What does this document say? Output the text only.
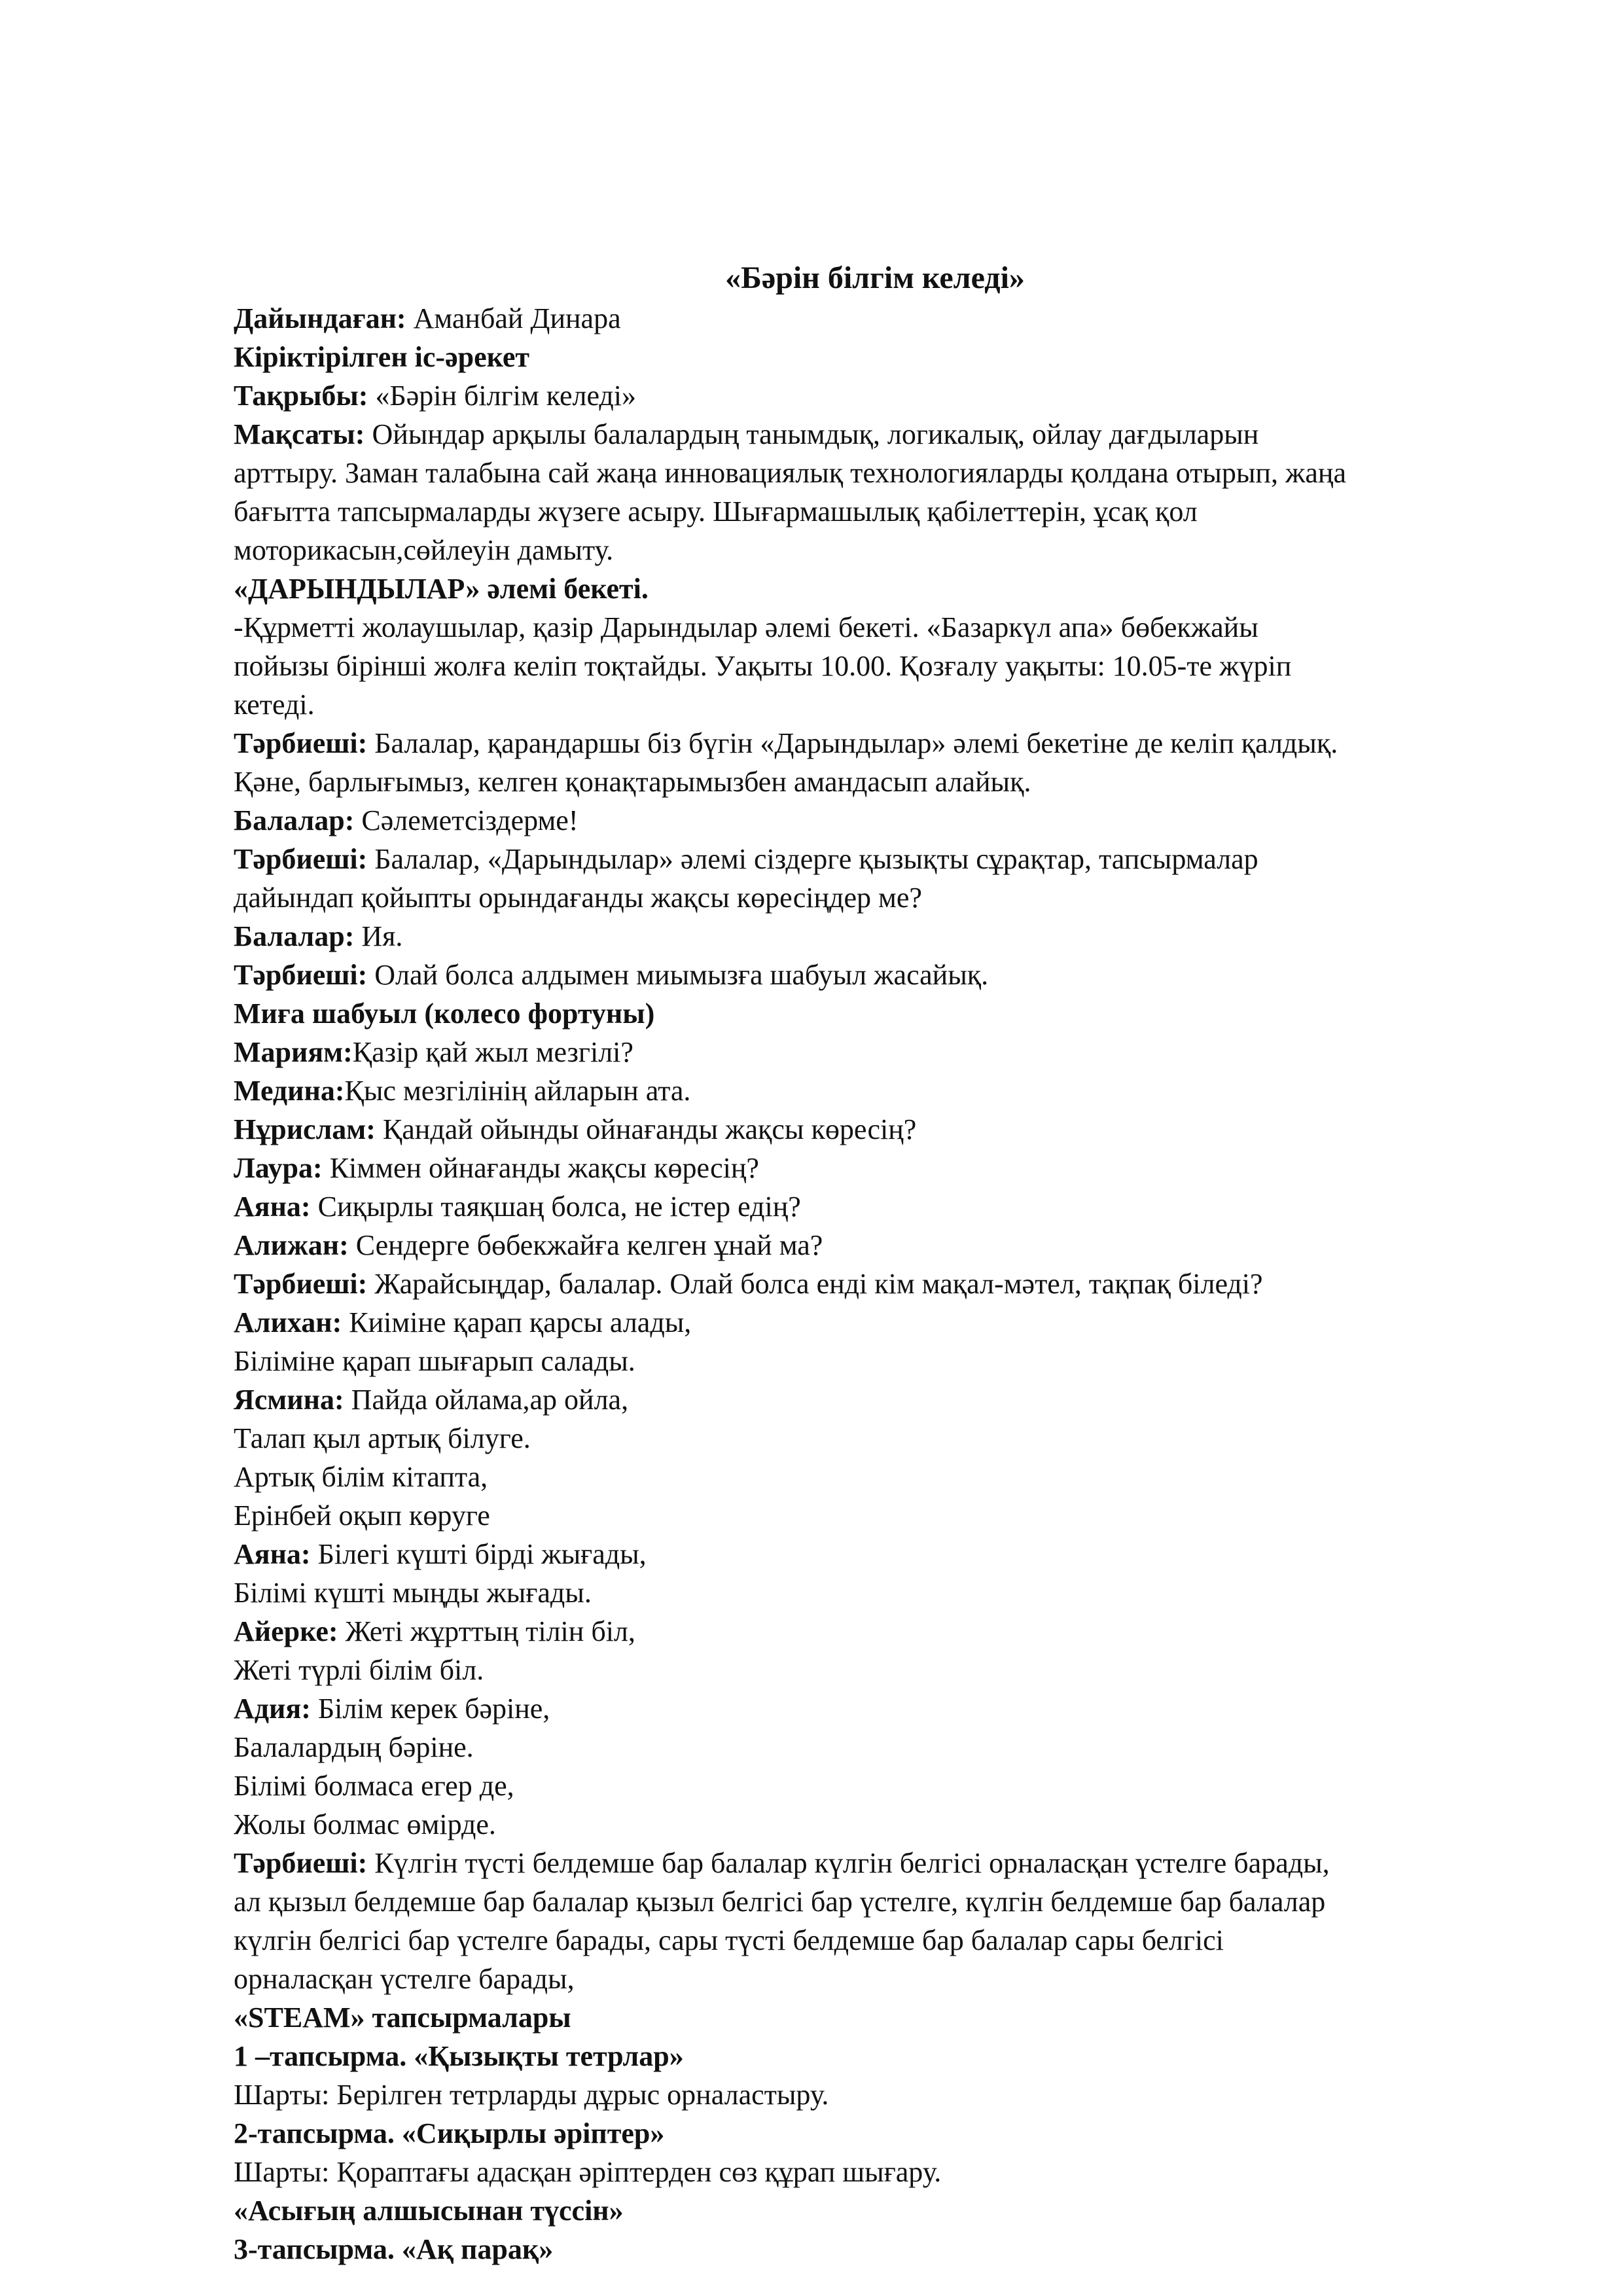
«Бәрін білгім келеді»
Дайындаған: Аманбай Динара
Кіріктірілген іс-әрекет
Тақрыбы: «Бәрін білгім келеді»
Мақсаты: Ойындар арқылы балалардың танымдық, логикалық, ойлау дағдыларын
арттыру. Заман талабына сай жаңа инновациялық технологияларды қолдана отырып, жаңа
бағытта тапсырмаларды жүзеге асыру. Шығармашылық қабілеттерін, ұсақ қол
моторикасын,сөйлеуін дамыту.
«ДАРЫНДЫЛАР» әлемі бекеті.
-Құрметті жолаушылар, қазір Дарындылар әлемі бекеті. «Базаркүл апа» бөбекжайы
пойызы бірінші жолға келіп тоқтайды. Уақыты 10.00. Қозғалу уақыты: 10.05-те жүріп
кетеді.
Тәрбиеші: Балалар, қарандаршы біз бүгін «Дарындылар» әлемі бекетіне де келіп қалдық.
Қәне, барлығымыз, келген қонақтарымызбен амандасып алайық.
Балалар: Сәлеметсіздерме!
Тәрбиеші: Балалар, «Дарындылар» әлемі сіздерге қызықты сұрақтар, тапсырмалар
дайындап қойыпты орындағанды жақсы көресіңдер ме?
Балалар: Ия.
Тәрбиеші: Олай болса алдымен миымызға шабуыл жасайық.
Миға шабуыл (колесо фортуны)
Мариям:Қазір қай жыл мезгілі?
Медина:Қыс мезгілінің айларын ата.
Нұрислам: Қандай ойынды ойнағанды жақсы көресің?
Лаура: Кіммен ойнағанды жақсы көресің?
Аяна: Сиқырлы таяқшаң болса, не істер едің?
Алижан: Сендерге бөбекжайға келген ұнай ма?
Тәрбиеші: Жарайсыңдар, балалар. Олай болса енді кім мақал-мәтел, тақпақ біледі?
Алихан: Киіміне қарап қарсы алады,
Біліміне қарап шығарып салады.
Ясмина: Пайда ойлама,ар ойла,
Талап қыл артық білуге.
Артық білім кітапта,
Ерінбей оқып көруге
Аяна: Білегі күшті бірді жығады,
Білімі күшті мыңды жығады.
Айерке: Жеті жұрттың тілін біл,
Жеті түрлі білім біл.
Адия: Білім керек бәріне,
Балалардың бәріне.
Білімі болмаса егер де,
Жолы болмас өмірде.
Тәрбиеші: Күлгін түсті белдемше бар балалар күлгін белгісі орналасқан үстелге барады,
ал қызыл белдемше бар балалар қызыл белгісі бар үстелге, күлгін белдемше бар балалар
күлгін белгісі бар үстелге барады, сары түсті белдемше бар балалар сары белгісі
орналасқан үстелге барады,
«STEAM» тапсырмалары
1 –тапсырма. «Қызықты тетрлар»
Шарты: Берілген тетрларды дұрыс орналастыру.
2-тапсырма. «Сиқырлы әріптер»
Шарты: Қораптағы адасқан әріптерден сөз құрап шығару.
«Асығың алшысынан түссін»
3-тапсырма. «Ақ парақ»
